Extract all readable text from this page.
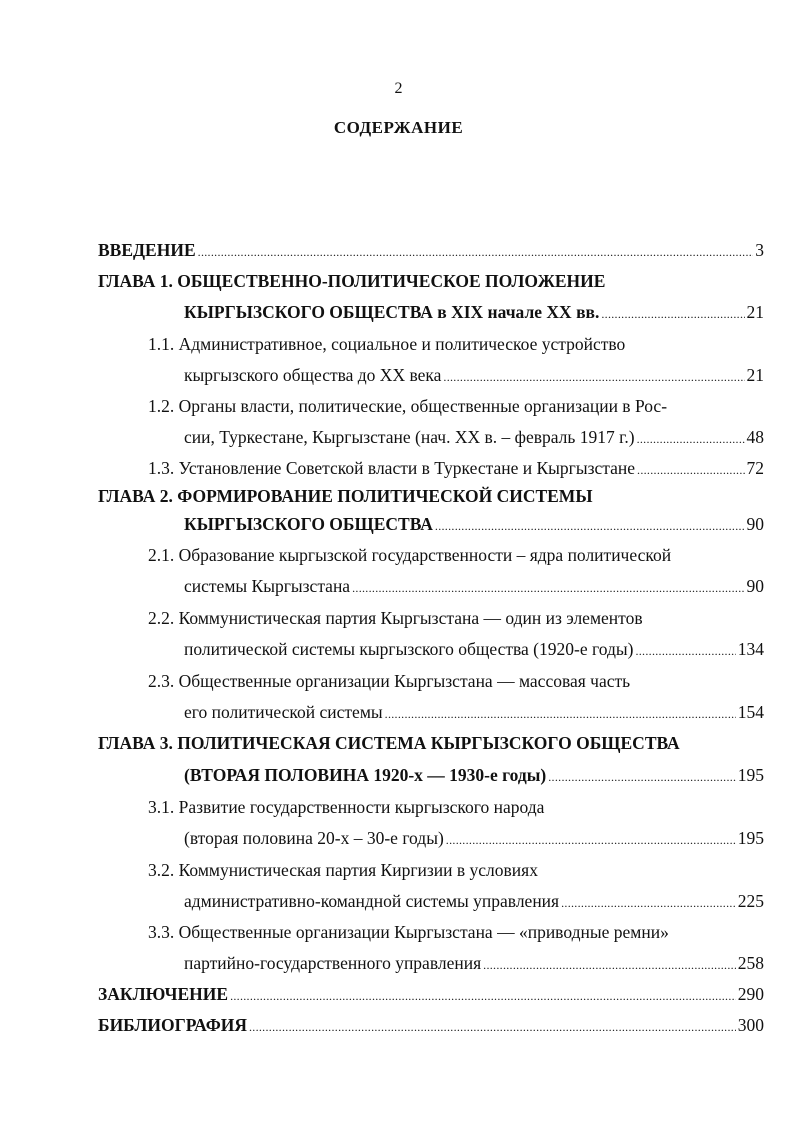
2
СОДЕРЖАНИЕ
ВВЕДЕНИЕ .....	3
ГЛАВА 1. ОБЩЕСТВЕННО-ПОЛИТИЧЕСКОЕ ПОЛОЖЕНИЕ
КЫРГЫЗСКОГО ОБЩЕСТВА в XIX начале ХХ вв. .....	21
1.1. Административное, социальное и политическое устройство
кыргызского общества до ХХ века .....	21
1.2. Органы власти, политические, общественные организации в Рос-
сии, Туркестане, Кыргызстане (нач. ХХ в. – февраль 1917 г.) .....	48
1.3. Установление Советской власти в Туркестане и Кыргызстане .....	72
ГЛАВА 2. ФОРМИРОВАНИЕ ПОЛИТИЧЕСКОЙ СИСТЕМЫ
КЫРГЫЗСКОГО ОБЩЕСТВА .....	90
2.1. Образование кыргызской государственности – ядра политической
системы Кыргызстана .....	90
2.2. Коммунистическая партия Кыргызстана — один из элементов
политической системы кыргызского общества (1920-е годы) .....	134
2.3. Общественные организации Кыргызстана — массовая часть
его политической системы .....	154
ГЛАВА 3. ПОЛИТИЧЕСКАЯ СИСТЕМА КЫРГЫЗСКОГО ОБЩЕСТВА
(ВТОРАЯ ПОЛОВИНА 1920-х — 1930-е годы) .....	195
3.1. Развитие государственности кыргызского народа
(вторая половина 20-х – 30-е годы) .....	195
3.2. Коммунистическая партия Киргизии в условиях
административно-командной системы управления .....	225
3.3. Общественные организации Кыргызстана — «приводные ремни»
партийно-государственного управления .....	258
ЗАКЛЮЧЕНИЕ .....	290
БИБЛИОГРАФИЯ .....	300
